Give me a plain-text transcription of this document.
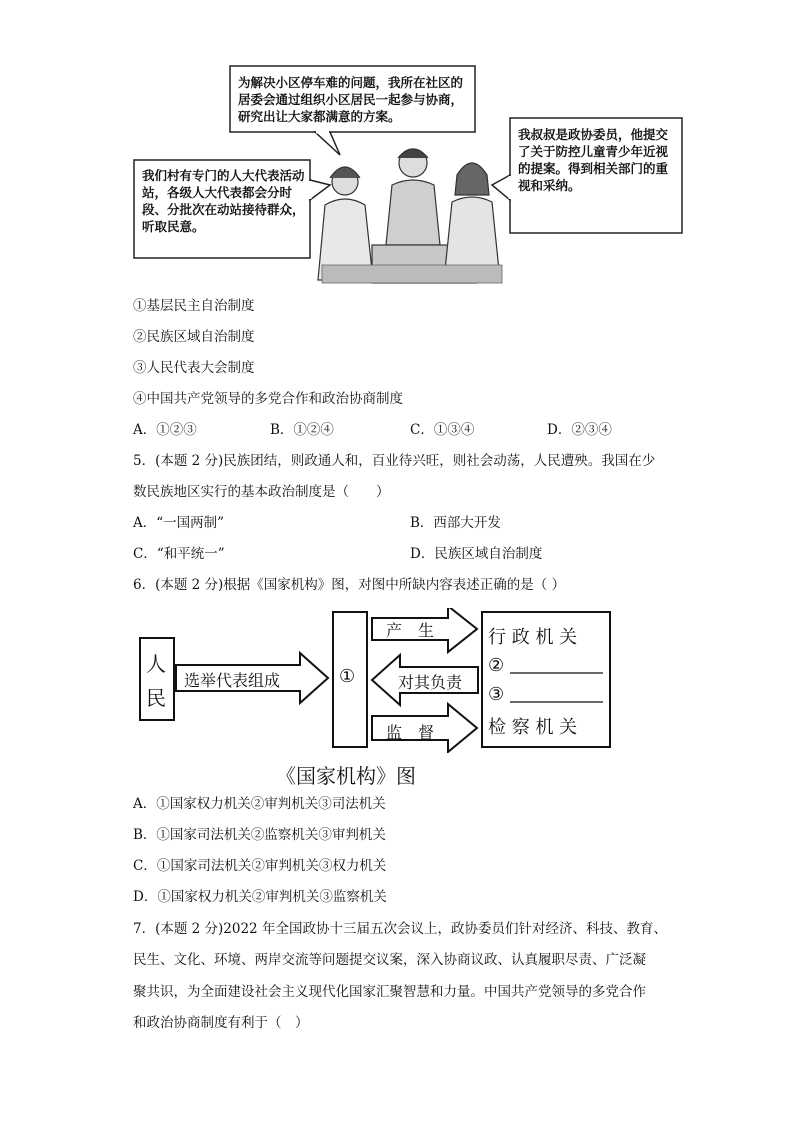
为解决小区停车难的问题，我所在社区的居委会通过组织小区居民一起参与协商，研究出让大家都满意的方案。
我们村有专门的人大代表活动站，各级人大代表都会分时段、分批次在动站接待群众，听取民意。
我叔叔是政协委员，他提交了关于防控儿童青少年近视的提案。得到相关部门的重视和采纳。
①基层民主自治制度
②民族区域自治制度
③人民代表大会制度
④中国共产党领导的多党合作和政治协商制度
A．①②③	B．①②④	C．①③④	D．②③④
5．(本题 2 分)民族团结，则政通人和，百业待兴旺，则社会动荡，人民遭殃。我国在少
数民族地区实行的基本政治制度是（　　）
A．“一国两制”	B．西部大开发
C．“和平统一”	D．民族区域自治制度
6．(本题 2 分)根据《国家机构》图，对图中所缺内容表述正确的是（ ）
人
民
选举代表组成	①
产　生
对其负责
监　督
行 政 机 关
②
③
检 察 机 关
《国家机构》图
A．①国家权力机关②审判机关③司法机关
B．①国家司法机关②监察机关③审判机关
C．①国家司法机关②审判机关③权力机关
D．①国家权力机关②审判机关③监察机关
7．(本题 2 分)2022 年全国政协十三届五次会议上，政协委员们针对经济、科技、教育、
民生、文化、环境、两岸交流等问题提交议案，深入协商议政、认真履职尽责、广泛凝
聚共识，为全面建设社会主义现代化国家汇聚智慧和力量。中国共产党领导的多党合作
和政治协商制度有利于（　）
